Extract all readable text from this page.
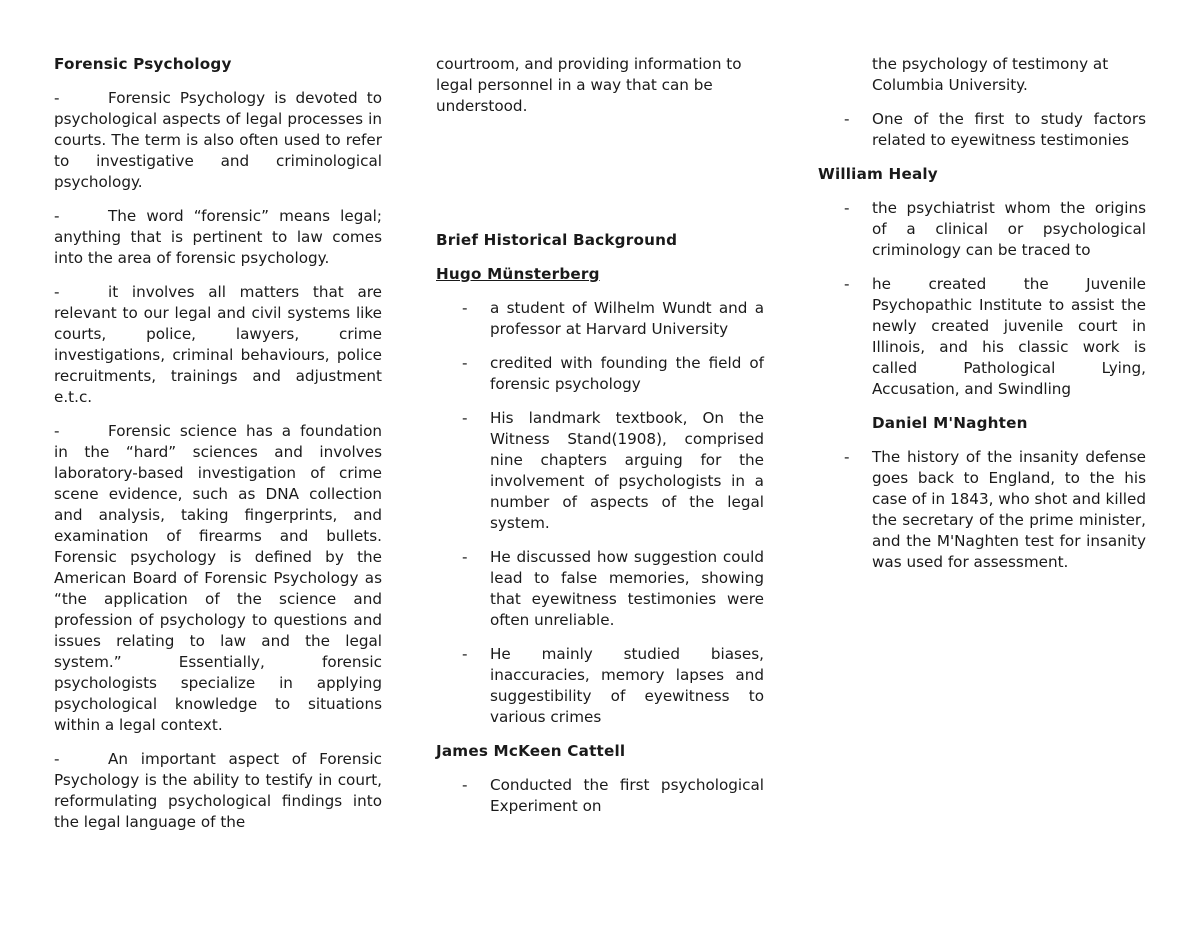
Forensic Psychology
-	Forensic Psychology is devoted to psychological aspects of legal processes in courts. The term is also often used to refer to investigative and criminological psychology.
-	The word “forensic” means legal; anything that is pertinent to law comes into the area of forensic psychology.
-	it involves all matters that are relevant to our legal and civil systems like courts, police, lawyers, crime investigations, criminal behaviours, police recruitments, trainings and adjustment e.t.c.
-	Forensic science has a foundation in the “hard” sciences and involves laboratory-based investigation of crime scene evidence, such as DNA collection and analysis, taking fingerprints, and examination of firearms and bullets. Forensic psychology is defined by the American Board of Forensic Psychology as “the application of the science and profession of psychology to questions and issues relating to law and the legal system.” Essentially, forensic psychologists specialize in applying psychological knowledge to situations within a legal context.
-	An important aspect of Forensic Psychology is the ability to testify in court, reformulating psychological findings into the legal language of the
courtroom, and providing information to legal personnel in a way that can be understood.
Brief Historical Background
Hugo Münsterberg
- a student of Wilhelm Wundt and a professor at Harvard University
- credited with founding the field of forensic psychology
- His landmark textbook, On the Witness Stand(1908), comprised nine chapters arguing for the involvement of psychologists in a number of aspects of the legal system.
- He discussed how suggestion could lead to false memories, showing that eyewitness testimonies were often unreliable.
- He mainly studied biases, inaccuracies, memory lapses and suggestibility of eyewitness to various crimes
James McKeen Cattell
- Conducted the first psychological Experiment on
the psychology of testimony at Columbia University.
- One of the first to study factors related to eyewitness testimonies
William Healy
- the psychiatrist whom the origins of a clinical or psychological criminology can be traced to
- he created the Juvenile Psychopathic Institute to assist the newly created juvenile court in Illinois, and his classic work is called Pathological Lying, Accusation, and Swindling
Daniel M'Naghten
- The history of the insanity defense goes back to England, to the his case of in 1843, who shot and killed the secretary of the prime minister, and the M'Naghten test for insanity was used for assessment.
